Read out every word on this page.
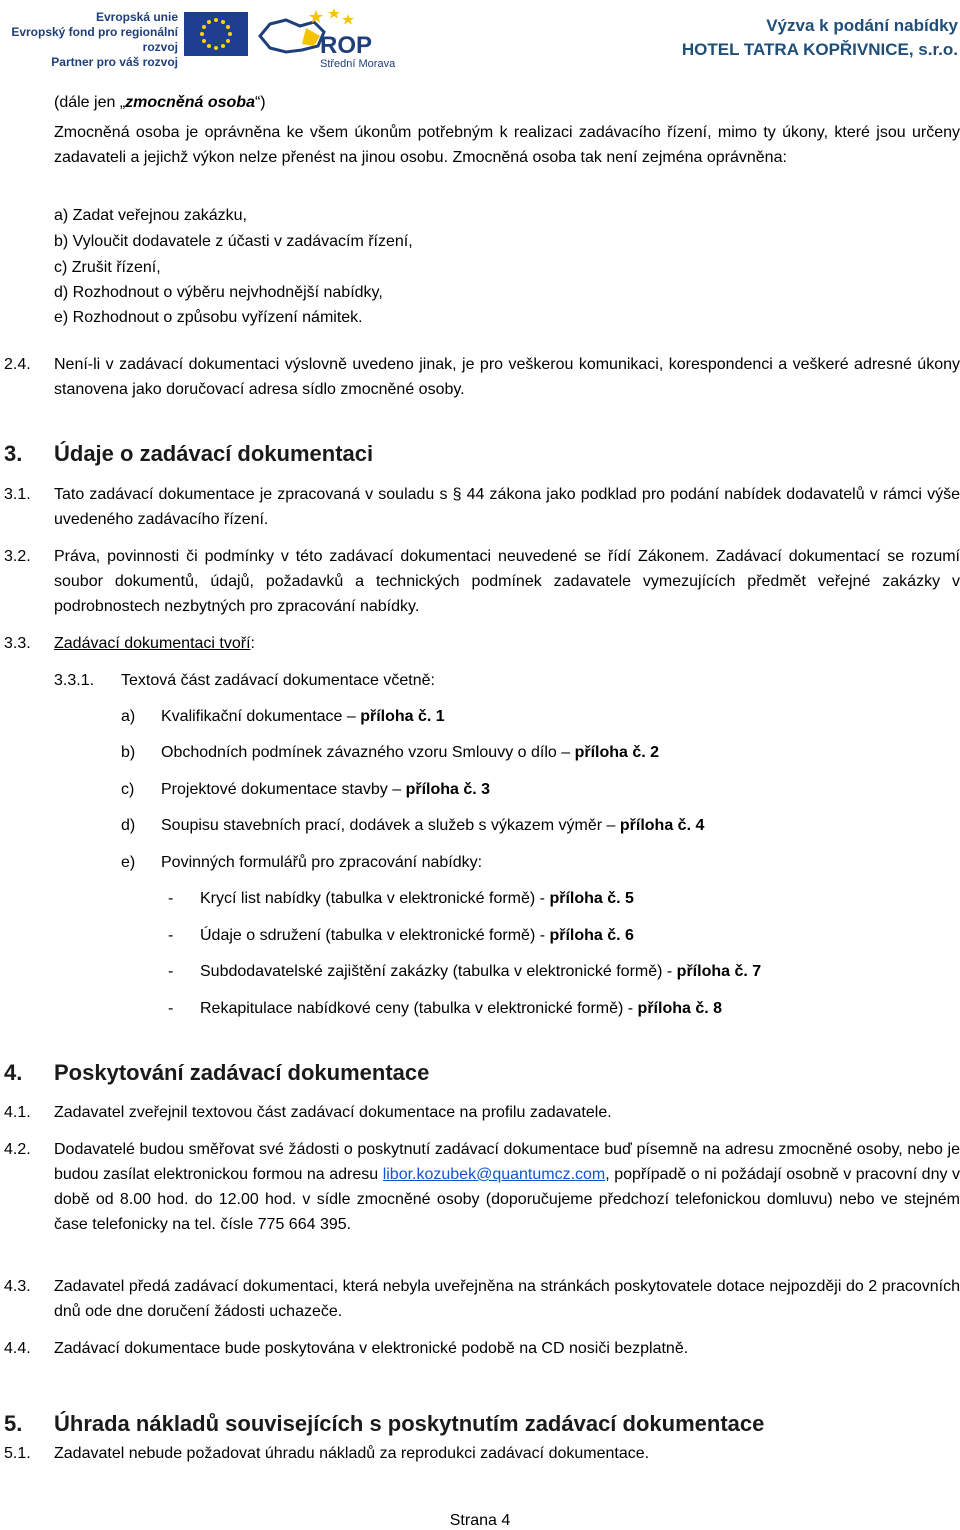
Evropská unie
Evropský fond pro regionální rozvoj
Partner pro váš rozvoj
ROP
Střední Morava
Výzva k podání nabídky
HOTEL TATRA KOPŘIVNICE, s.r.o.
(dále jen „zmocněná osoba“)
Zmocněná osoba je oprávněna ke všem úkonům potřebným k realizaci zadávacího řízení, mimo ty úkony, které jsou určeny zadavateli a jejichž výkon nelze přenést na jinou osobu. Zmocněná osoba tak není zejména oprávněna:
a) Zadat veřejnou zakázku,
b) Vyloučit dodavatele z účasti v zadávacím řízení,
c) Zrušit řízení,
d) Rozhodnout o výběru nejvhodnější nabídky,
e) Rozhodnout o způsobu vyřízení námitek.
2.4. Není-li v zadávací dokumentaci výslovně uvedeno jinak, je pro veškerou komunikaci, korespondenci a veškeré adresné úkony stanovena jako doručovací adresa sídlo zmocněné osoby.
3. Údaje o zadávací dokumentaci
3.1. Tato zadávací dokumentace je zpracovaná v souladu s § 44 zákona jako podklad pro podání nabídek dodavatelů v rámci výše uvedeného zadávacího řízení.
3.2. Práva, povinnosti či podmínky v této zadávací dokumentaci neuvedené se řídí Zákonem. Zadávací dokumentací se rozumí soubor dokumentů, údajů, požadavků a technických podmínek zadavatele vymezujících předmět veřejné zakázky v podrobnostech nezbytných pro zpracování nabídky.
3.3. Zadávací dokumentaci tvoří:
3.3.1. Textová část zadávací dokumentace včetně:
a) Kvalifikační dokumentace – příloha č. 1
b) Obchodních podmínek závazného vzoru Smlouvy o dílo – příloha č. 2
c) Projektové dokumentace stavby – příloha č. 3
d) Soupisu stavebních prací, dodávek a služeb s výkazem výměr – příloha č. 4
e) Povinných formulářů pro zpracování nabídky:
- Krycí list nabídky (tabulka v elektronické formě) - příloha č. 5
- Údaje o sdružení (tabulka v elektronické formě) - příloha č. 6
- Subdodavatelské zajištění zakázky (tabulka v elektronické formě) - příloha č. 7
- Rekapitulace nabídkové ceny (tabulka v elektronické formě) - příloha č. 8
4. Poskytování zadávací dokumentace
4.1. Zadavatel zveřejnil textovou část zadávací dokumentace na profilu zadavatele.
4.2. Dodavatelé budou směřovat své žádosti o poskytnutí zadávací dokumentace buď písemně na adresu zmocněné osoby, nebo je budou zasílat elektronickou formou na adresu libor.kozubek@quantumcz.com, popřípadě o ni požádají osobně v pracovní dny v době od 8.00 hod. do 12.00 hod. v sídle zmocněné osoby (doporučujeme předchozí telefonickou domluvu) nebo ve stejném čase telefonicky na tel. čísle 775 664 395.
4.3. Zadavatel předá zadávací dokumentaci, která nebyla uveřejněna na stránkách poskytovatele dotace nejpozději do 2 pracovních dnů ode dne doručení žádosti uchazeče.
4.4. Zadávací dokumentace bude poskytována v elektronické podobě na CD nosiči bezplatně.
5. Úhrada nákladů souvisejících s poskytnutím zadávací dokumentace
5.1. Zadavatel nebude požadovat úhradu nákladů za reprodukci zadávací dokumentace.
Strana 4
